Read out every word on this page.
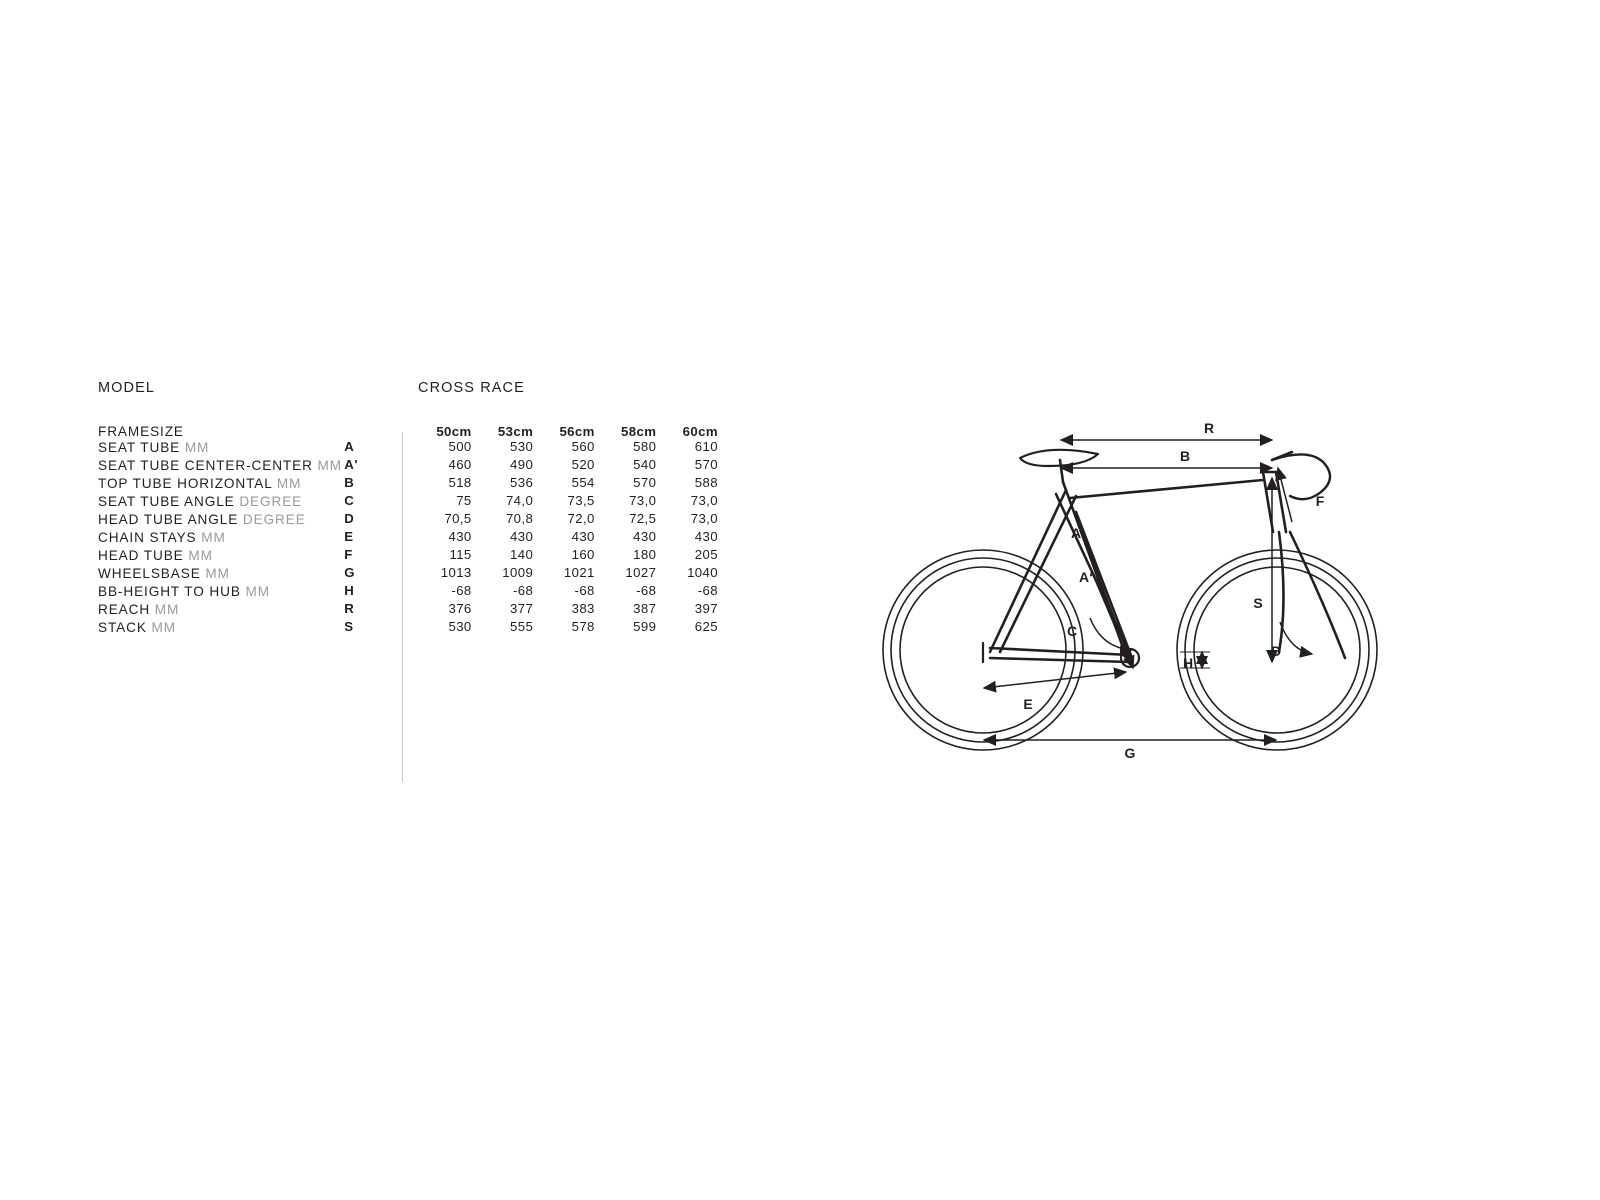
MODEL	CROSS RACE
FRAMESIZE		50cm	53cm	56cm	58cm	60cm
SEAT TUBE MM	A	500	530	560	580	610
SEAT TUBE CENTER-CENTER MM	A'	460	490	520	540	570
TOP TUBE HORIZONTAL MM	B	518	536	554	570	588
SEAT TUBE ANGLE DEGREE	C	75	74,0	73,5	73,0	73,0
HEAD TUBE ANGLE DEGREE	D	70,5	70,8	72,0	72,5	73,0
CHAIN STAYS MM	E	430	430	430	430	430
HEAD TUBE MM	F	115	140	160	180	205
WHEELSBASE MM	G	1013	1009	1021	1027	1040
BB-HEIGHT TO HUB MM	H	-68	-68	-68	-68	-68
REACH MM	R	376	377	383	387	397
STACK MM	S	530	555	578	599	625
R
B
G
E
A
A‘
S
F
H
C
D
